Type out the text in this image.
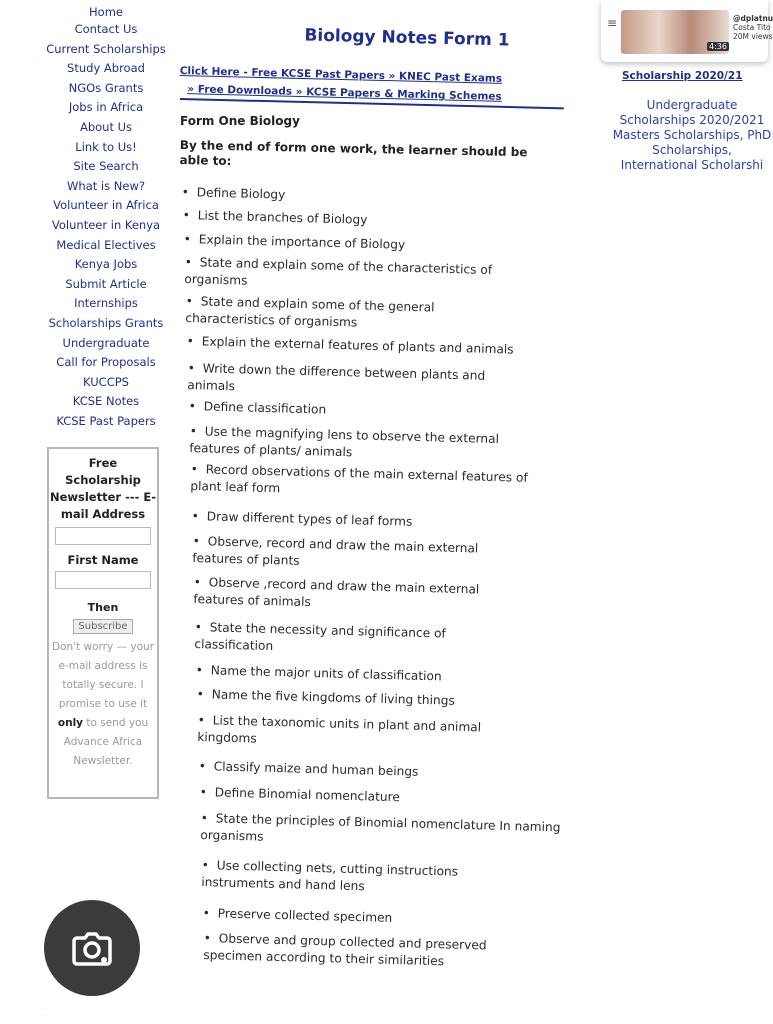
Home
Contact Us
Current Scholarships
Study Abroad
NGOs Grants
Jobs in Africa
About Us
Link to Us!
Site Search
What is New?
Volunteer in Africa
Volunteer in Kenya
Medical Electives
Kenya Jobs
Submit Article
Internships
Scholarships Grants
Undergraduate
Call for Proposals
KUCCPS
KCSE Notes
KCSE Past Papers
Free Scholarship Newsletter --- E-mail Address
First Name
Then
Subscribe
Don't worry — your e-mail address is totally secure. I promise to use it only to send you Advance Africa Newsletter.
Biology Notes Form 1
Click Here - Free KCSE Past Papers » KNEC Past Exams
» Free Downloads » KCSE Papers & Marking Schemes
Form One Biology
By the end of form one work, the learner should be able to:
•  Define Biology
•  List the branches of Biology
•  Explain the importance of Biology
•  State and explain some of the characteristics of organisms
•  State and explain some of the general characteristics of organisms
•  Explain the external features of plants and animals
•  Write down the difference between plants and animals
•  Define classification
•  Use the magnifying lens to observe the external features of plants/ animals
•  Record observations of the main external features of plant leaf form
•  Draw different types of leaf forms
•  Observe, record and draw the main external features of plants
•  Observe ,record and draw the main external features of animals
•  State the necessity and significance of classification
•  Name the major units of classification
•  Name the five kingdoms of living things
•  List the taxonomic units in plant and animal kingdoms
•  Classify maize and human beings
•  Define Binomial nomenclature
•  State the principles of Binomial nomenclature In naming organisms
•  Use collecting nets, cutting instructions instruments and hand lens
•  Preserve collected specimen
•  Observe and group collected and preserved specimen according to their similarities
≡
4:36
@dplatnu
Costa Tito
20M views
Scholarship 2020/21
Undergraduate Scholarships 2020/2021 Masters Scholarships, PhD Scholarships, International Scholarshi
˙
